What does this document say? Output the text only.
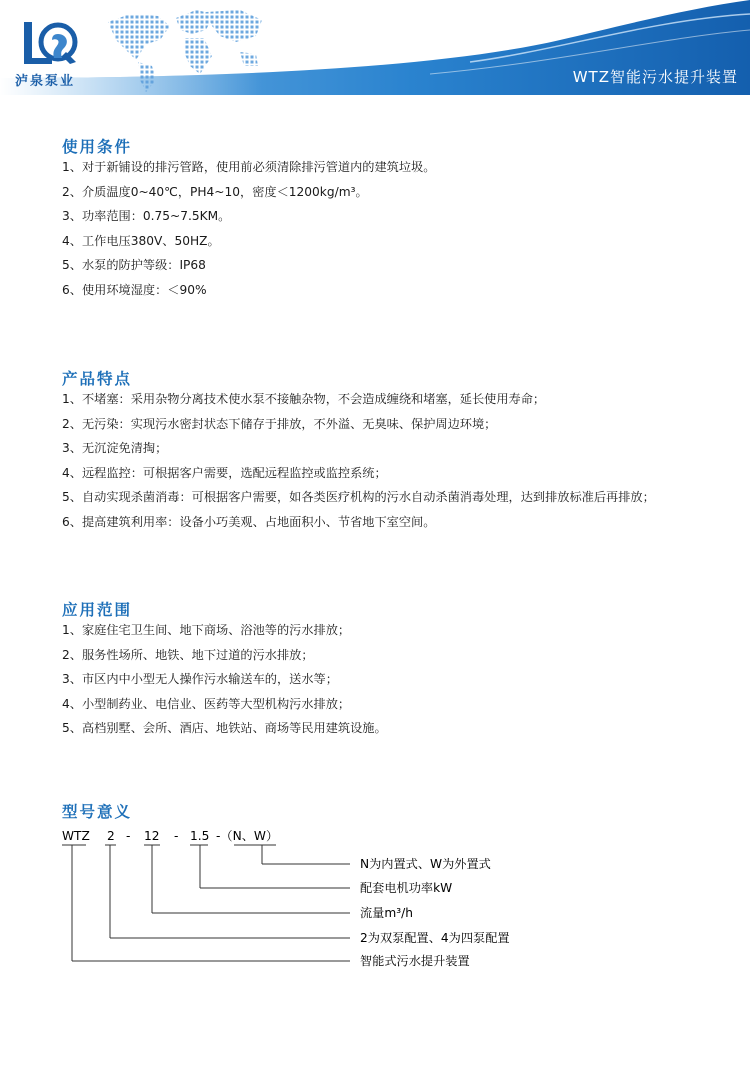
泸泉泵业	WTZ智能污水提升装置
使用条件
1、对于新铺设的排污管路，使用前必须清除排污管道内的建筑垃圾。
2、介质温度0~40℃，PH4~10，密度＜1200kg/m³。
3、功率范围：0.75~7.5KM。
4、工作电压380V、50HZ。
5、水泵的防护等级：IP68
6、使用环境湿度：＜90%
产品特点
1、不堵塞：采用杂物分离技术使水泵不接触杂物，不会造成缠绕和堵塞，延长使用寿命；
2、无污染：实现污水密封状态下储存于排放，不外溢、无臭味、保护周边环境；
3、无沉淀免清掏；
4、远程监控：可根据客户需要，选配远程监控或监控系统；
5、自动实现杀菌消毒：可根据客户需要，如各类医疗机构的污水自动杀菌消毒处理，达到排放标准后再排放；
6、提高建筑利用率：设备小巧美观、占地面积小、节省地下室空间。
应用范围
1、家庭住宅卫生间、地下商场、浴池等的污水排放；
2、服务性场所、地铁、地下过道的污水排放；
3、市区内中小型无人操作污水输送车的，送水等；
4、小型制药业、电信业、医药等大型机构污水排放；
5、高档别墅、会所、酒店、地铁站、商场等民用建筑设施。
型号意义
WTZ 2 - 12 - 1.5 -（N、W）
N为内置式、W为外置式
配套电机功率kW
流量m³/h
2为双泵配置、4为四泵配置
智能式污水提升装置
